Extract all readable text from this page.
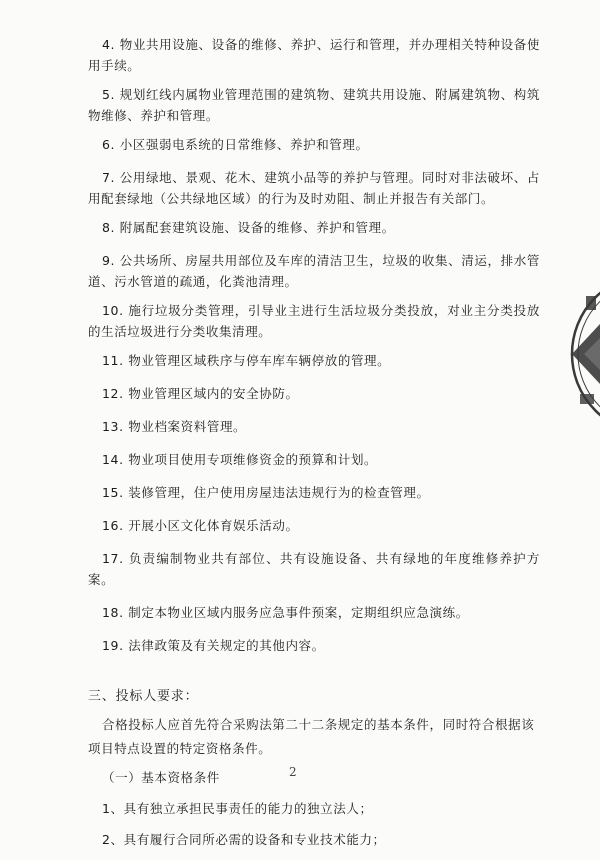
4. 物业共用设施、设备的维修、养护、运行和管理，并办理相关特种设备使用手续。

5. 规划红线内属物业管理范围的建筑物、建筑共用设施、附属建筑物、构筑物维修、养护和管理。

6. 小区强弱电系统的日常维修、养护和管理。

7. 公用绿地、景观、花木、建筑小品等的养护与管理。同时对非法破坏、占用配套绿地（公共绿地区域）的行为及时劝阻、制止并报告有关部门。

8. 附属配套建筑设施、设备的维修、养护和管理。

9. 公共场所、房屋共用部位及车库的清洁卫生，垃圾的收集、清运，排水管道、污水管道的疏通，化粪池清理。

10. 施行垃圾分类管理，引导业主进行生活垃圾分类投放，对业主分类投放的生活垃圾进行分类收集清理。

11. 物业管理区域秩序与停车库车辆停放的管理。

12. 物业管理区域内的安全协防。

13. 物业档案资料管理。

14. 物业项目使用专项维修资金的预算和计划。

15. 装修管理，住户使用房屋违法违规行为的检查管理。

16. 开展小区文化体育娱乐活动。

17. 负责编制物业共有部位、共有设施设备、共有绿地的年度维修养护方案。

18. 制定本物业区域内服务应急事件预案，定期组织应急演练。

19. 法律政策及有关规定的其他内容。

三、投标人要求：

合格投标人应首先符合采购法第二十二条规定的基本条件，同时符合根据该项目特点设置的特定资格条件。

（一）基本资格条件

1、具有独立承担民事责任的能力的独立法人；

2、具有履行合同所必需的设备和专业技术能力；

2
